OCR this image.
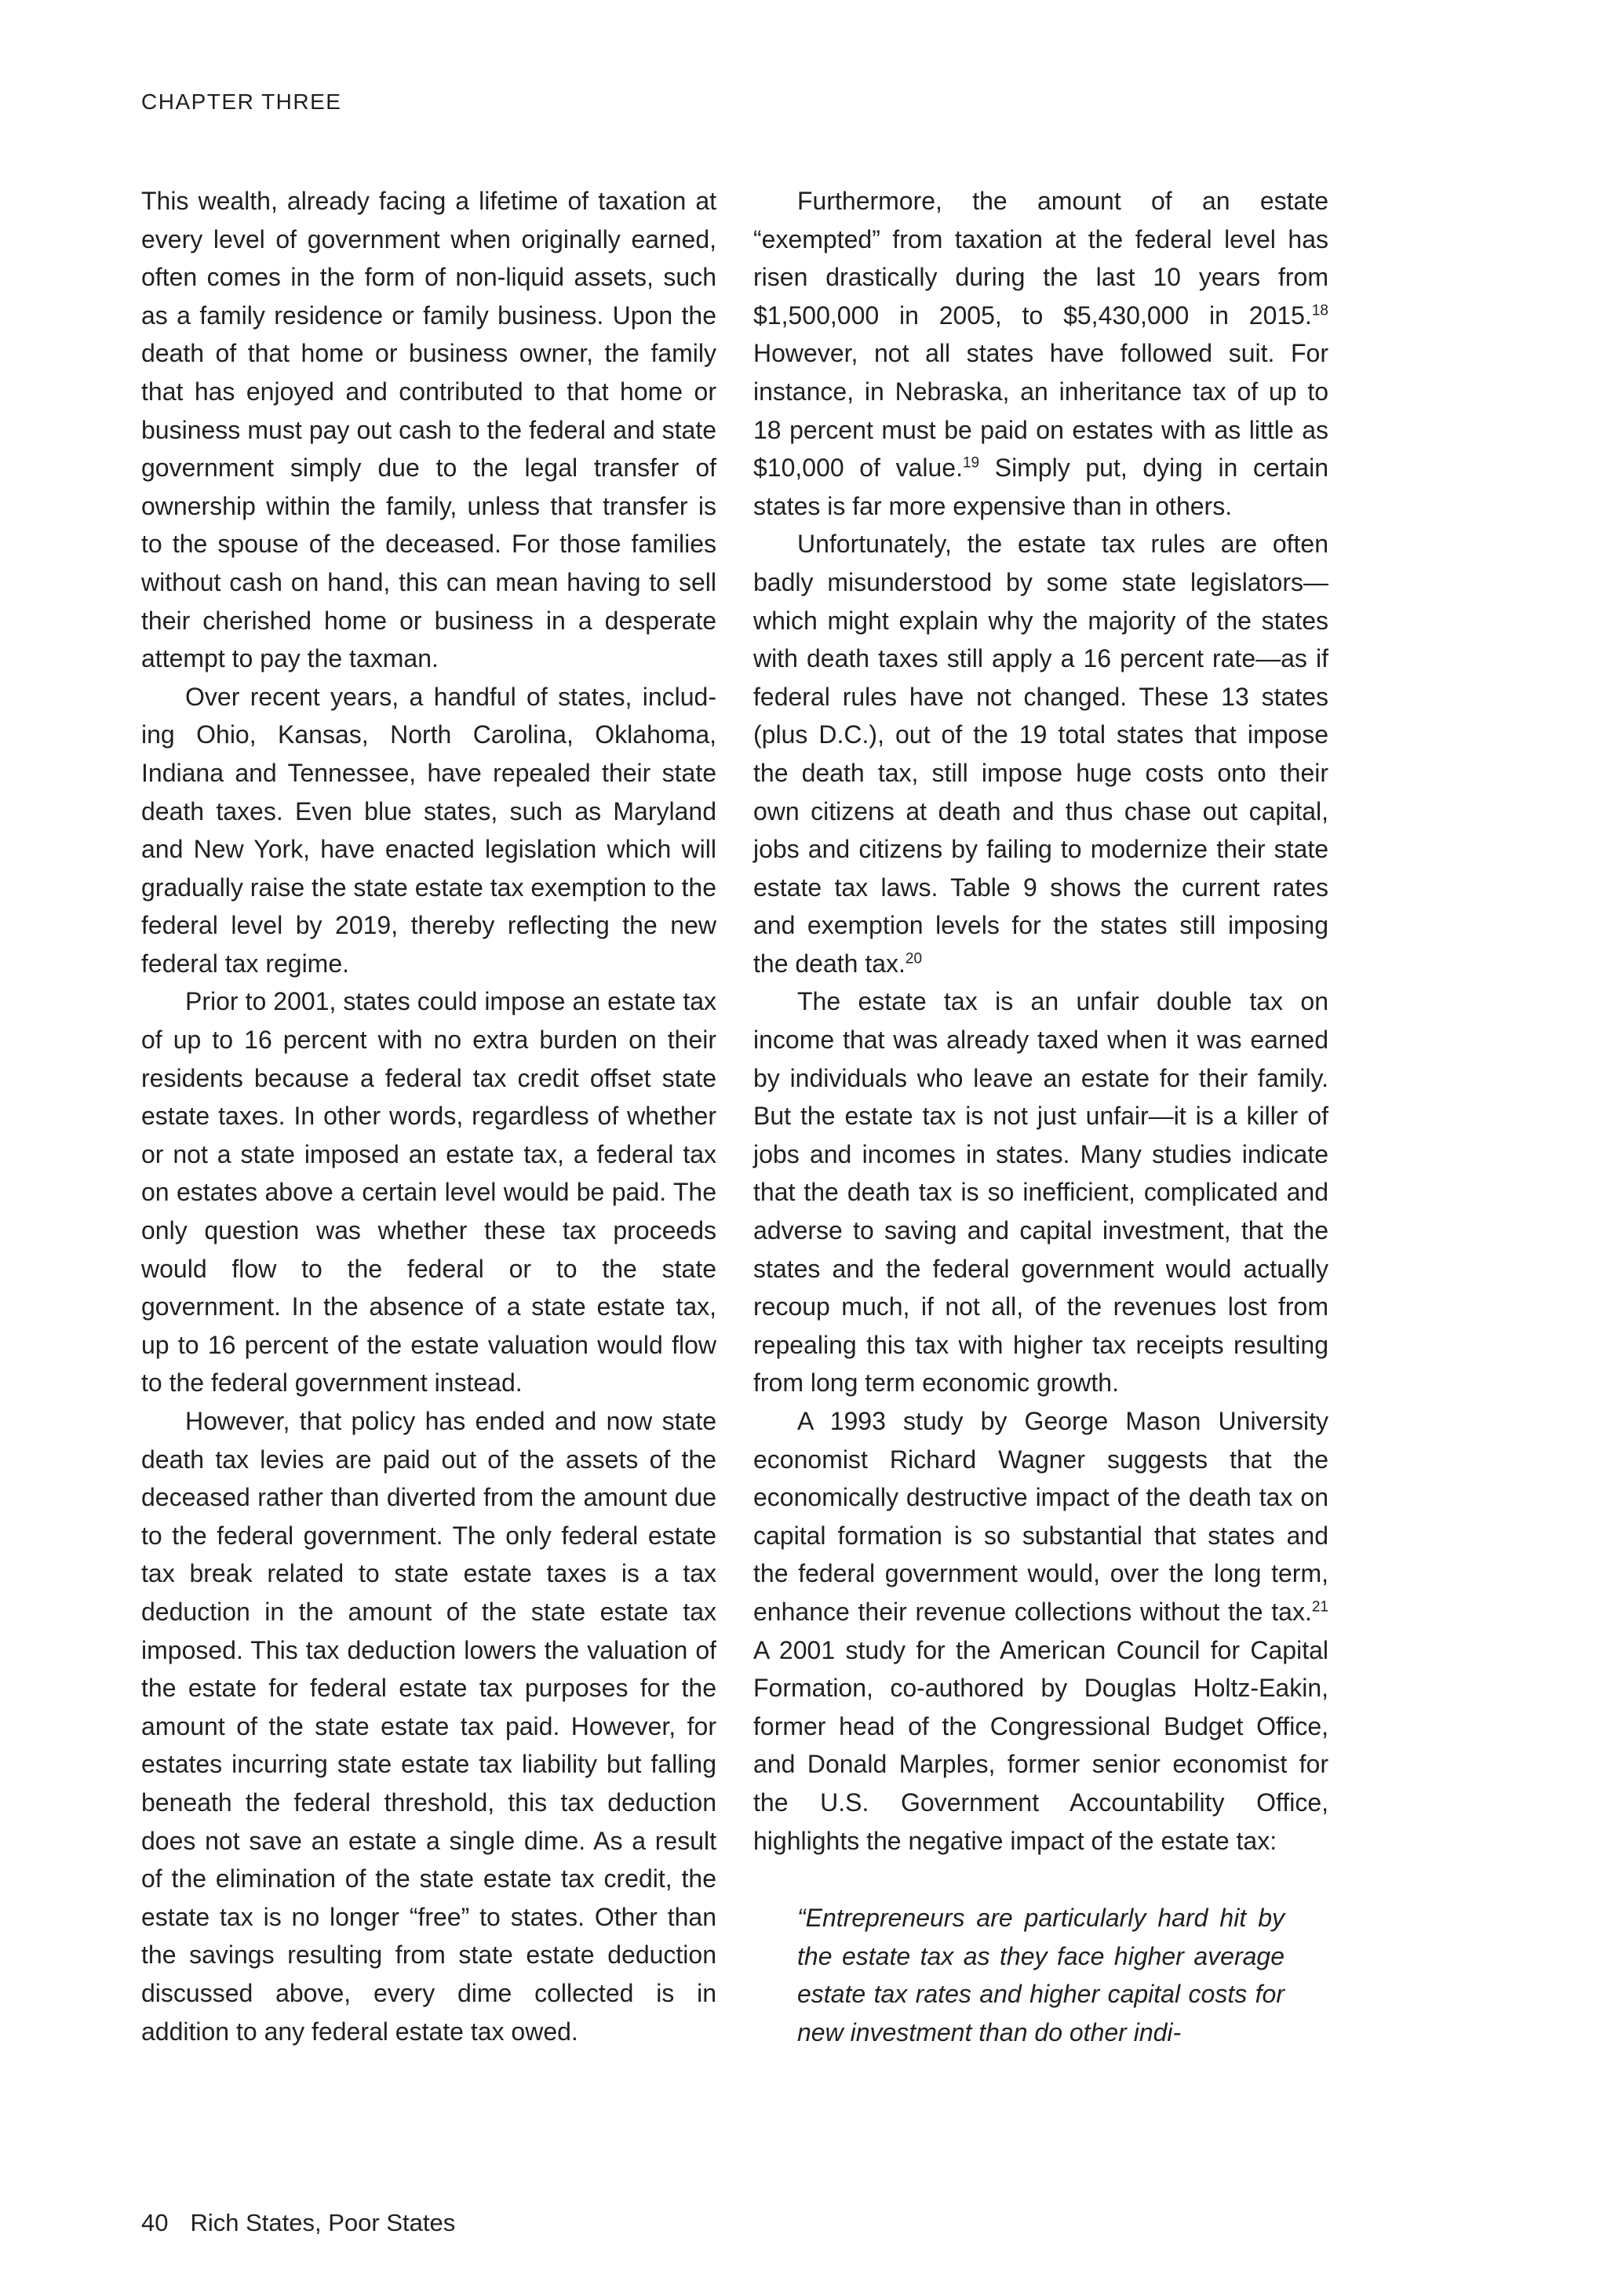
CHAPTER THREE

This wealth, already facing a lifetime of taxation at every level of government when originally earned, often comes in the form of non-liquid assets, such as a family residence or family business. Upon the death of that home or business owner, the family that has enjoyed and contributed to that home or business must pay out cash to the federal and state government simply due to the legal transfer of ownership within the family, unless that transfer is to the spouse of the deceased. For those families without cash on hand, this can mean having to sell their cherished home or business in a desperate attempt to pay the taxman.

Over recent years, a handful of states, including Ohio, Kansas, North Carolina, Oklahoma, Indiana and Tennessee, have repealed their state death taxes. Even blue states, such as Maryland and New York, have enacted legislation which will gradually raise the state estate tax exemption to the federal level by 2019, thereby reflecting the new federal tax regime.

Prior to 2001, states could impose an estate tax of up to 16 percent with no extra burden on their residents because a federal tax credit offset state estate taxes. In other words, regardless of whether or not a state imposed an estate tax, a federal tax on estates above a certain level would be paid. The only question was whether these tax proceeds would flow to the federal or to the state government. In the absence of a state estate tax, up to 16 percent of the estate valuation would flow to the federal government instead.

However, that policy has ended and now state death tax levies are paid out of the assets of the deceased rather than diverted from the amount due to the federal government. The only federal estate tax break related to state estate taxes is a tax deduction in the amount of the state estate tax imposed. This tax deduction lowers the valuation of the estate for federal estate tax purposes for the amount of the state estate tax paid. However, for estates incurring state estate tax liability but falling beneath the federal threshold, this tax deduction does not save an estate a single dime. As a result of the elimination of the state estate tax credit, the estate tax is no longer “free” to states. Other than the savings resulting from state estate deduction discussed above, every dime collected is in addition to any federal estate tax owed.

Furthermore, the amount of an estate “exempted” from taxation at the federal level has risen drastically during the last 10 years from $1,500,000 in 2005, to $5,430,000 in 2015.18 However, not all states have followed suit. For instance, in Nebraska, an inheritance tax of up to 18 percent must be paid on estates with as little as $10,000 of value.$^{19}$ Simply put, dying in certain states is far more expensive than in others.

Unfortunately, the estate tax rules are often badly misunderstood by some state legislators—which might explain why the majority of the states with death taxes still apply a 16 percent rate—as if federal rules have not changed. These 13 states (plus D.C.), out of the 19 total states that impose the death tax, still impose huge costs onto their own citizens at death and thus chase out capital, jobs and citizens by failing to modernize their state estate tax laws. Table 9 shows the current rates and exemption levels for the states still imposing the death tax.$^{20}$

The estate tax is an unfair double tax on income that was already taxed when it was earned by individuals who leave an estate for their family. But the estate tax is not just unfair—it is a killer of jobs and incomes in states. Many studies indicate that the death tax is so inefficient, complicated and adverse to saving and capital investment, that the states and the federal government would actually recoup much, if not all, of the revenues lost from repealing this tax with higher tax receipts resulting from long term economic growth.

A 1993 study by George Mason University economist Richard Wagner suggests that the economically destructive impact of the death tax on capital formation is so substantial that states and the federal government would, over the long term, enhance their revenue collections without the tax.$^{21}$ A 2001 study for the American Council for Capital Formation, co-authored by Douglas Holtz-Eakin, former head of the Congressional Budget Office, and Donald Marples, former senior economist for the U.S. Government Accountability Office, highlights the negative impact of the estate tax:

“Entrepreneurs are particularly hard hit by the estate tax as they face higher average estate tax rates and higher capital costs for new investment than do other indi-

40 Rich States, Poor States
